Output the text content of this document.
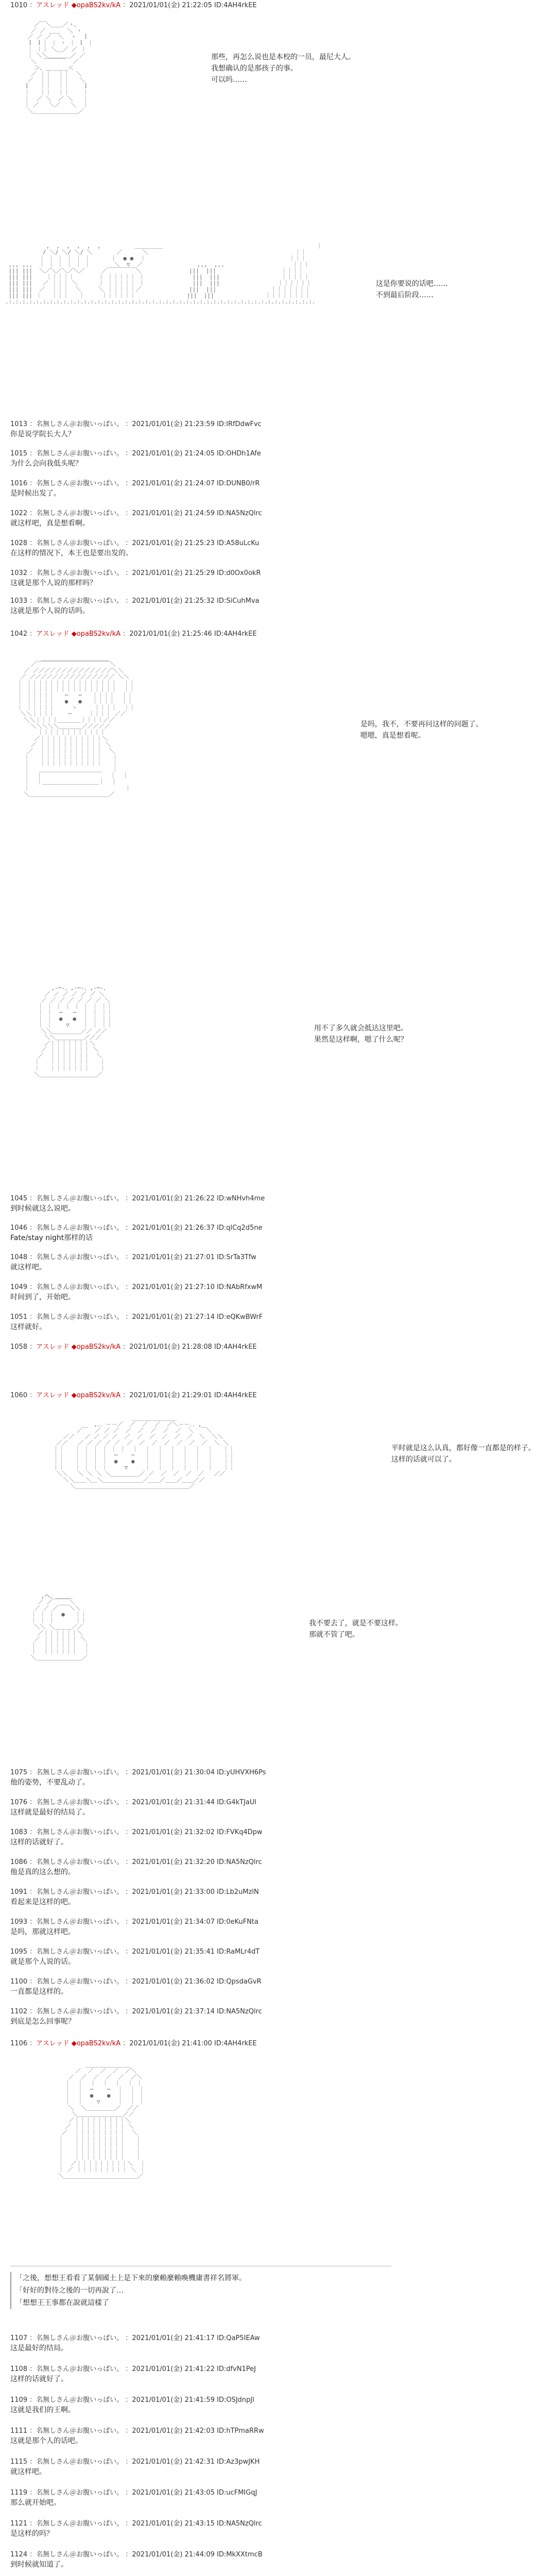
1010 ：アスレッド ◆opaBS2kv/kA ：2021/01/01(金) 21:22:05 ID:4AH4rkEE

／￣＼＿＿／ヽ、
／ ／ ＿＿  ＼ ヽ
／ ／ ／  ＼  ヽ  ｌ
ｌ ｌ｜ ｜ ・ ｜ ｌ ｜
｜ ｜｜ ＼＿／ ／ ｜
｜ ＼＼＿＿＿＿／ ／
＼  ￣￣￣￣  ／
＞、＿＿＿＿＜
／ ｜｜  ｜｜  ＼
／  ｜｜  ｜｜   ＼
ｌ   ｜｜  ｜｜    ｌ
｜   ｜｜  ｜｜    ｜
｜  ／ ＼  ／ ＼   ｜
｜ ／   ＼／   ＼  ｜
＼＿＿＿＿＿＿＿＿／

那些，再怎么说也是本校的一员，最尼大人。
我想确认的是那孩子的事。
可以吗……

,  ,  ,  ,  ,  ,          ＿＿＿＿＿                                             ｜
/ ＼/ ＼/ ＼/ ＼       ／      ＼                                           ｜｜
｜ ｜ ｜ ｜ ｜ ｜      ｜  ● ●  ｜                                          ｜｜｜
,,, ,,,  ｜ ｜ ｜ ｜ ｜ ｜       ＼  ▽  ／                ,,,  ,,,                    ｜｜｜
||| |||  ＼／＼／＼／＼／     ／￣￣￣￣￣＼              |||  |||                   ｜｜｜｜
||| |||    ｜｜｜｜｜       ｜ ｜｜｜｜｜ ｜              |||  |||                  ｜｜｜｜｜
||| |||   ／ ｜｜｜ ＼      ｜ ｜｜｜｜｜ ｜              |||  |||                 ｜｜｜｜｜｜
||| |||  ／  ｜｜｜  ＼     ＼ ｜｜｜｜｜／              |||  |||                ｜｜｜｜｜｜｜
||| ||| ｜   ｜｜｜   ｜     ｜｜｜｜｜｜               |||  |||               ｜｜｜｜｜｜｜｜
.:.:.:.:.:.:.:.:.:.:.:.:.:.:.:.:.:.:.:.:.:.:.:.:.:.:.:.:.:.:.:.:.:.:.:.:.:.:.:.:.:.:.:.:.:.

这是你要说的话吧……
不到最后阶段……
1013 ：名無しさん＠お腹いっぱい。 ：2021/01/01(金) 21:23:59 ID:lRfDdwFvc
你是说学院长大人？
1015 ：名無しさん＠お腹いっぱい。 ：2021/01/01(金) 21:24:05 ID:OHDh1Afe
为什么会向我低头呢？
1016 ：名無しさん＠お腹いっぱい。 ：2021/01/01(金) 21:24:07 ID:DUNB0/rR
是时候出发了。
1022 ：名無しさん＠お腹いっぱい。 ：2021/01/01(金) 21:24:59 ID:NA5NzQlrc
就这样吧，真是想看啊。
1028 ：名無しさん＠お腹いっぱい。 ：2021/01/01(金) 21:25:23 ID:A58uLcKu
在这样的情况下，本王也是要出发的。
1032 ：名無しさん＠お腹いっぱい。 ：2021/01/01(金) 21:25:29 ID:d0Ox0okR
这就是那个人说的那样吗？
1033 ：名無しさん＠お腹いっぱい。 ：2021/01/01(金) 21:25:32 ID:SiCuhMva
这就是那个人说的话吗。
1042 ：アスレッド ◆opaBS2kv/kA ：2021/01/01(金) 21:25:46 ID:4AH4rkEE

＿＿＿＿＿＿＿＿＿＿＿＿
／￣￣￣￣￣￣￣￣￣￣￣￣￣＼
／ ／／／／／／／／／／／／／／＼＼
／ ／／／／／／／／／／／／／／／ ＼＼
｜ ｜｜｜｜｜｜｜｜｜｜｜｜｜｜｜｜  ｜｜
｜ ｜｜｜｜｜｜｜｜｜｜｜｜｜｜｜｜  ｜｜
｜ ｜｜｜｜｜   ─   ─   ｜｜｜｜  ｜｜
｜ ｜｜｜｜｜   ●   ●   ｜｜｜｜  ｜｜
｜ ｜｜｜｜｜     ヽ     ｜｜｜｜  ｜｜
＼＼｜｜｜｜    ─     ｜｜｜｜ ／／
＼＼｜｜｜｜＿＿＿＿｜｜｜｜／／
＼＼＼＼＼＿＿＿＿／／／／／
｜｜｜｜｜｜｜｜｜｜｜｜
／｜｜｜｜｜｜｜｜｜｜｜＼
／ ｜｜｜｜｜｜｜｜｜｜｜ ＼
／  ｜｜｜｜｜｜｜｜｜｜｜  ＼
｜   ｜｜｜｜｜｜｜｜｜｜｜   ｜
｜   ｜｜｜｜｜｜｜｜｜｜｜   ｜
｜   ＿＿＿＿＿＿＿＿＿＿＿   ｜
｜  ｜                    ｜  ｜
｜  ｜＿＿＿＿＿＿＿＿＿＿｜  ｜
｜                            ｜
＼＿＿＿＿＿＿＿＿＿＿＿＿＿＿／

是吗，我不，不要再问这样的问题了。
嗯嗯，真是想看呢。

,-─-、,-─-、,-─-、
／ ／ ／ ／ ／ ／ ＼
／ ／ ／ ／ ／ ／ ／ ＼
｜ ｜ ｜ ｜ ｜ ｜ ｜ ｜｜
｜ ｜  ─   ─  ｜ ｜ ｜｜
｜ ｜  ●   ●  ｜ ｜ ｜｜
｜ ｜    ▽    ｜ ｜ ｜｜
＼＼＿＿＿＿＿／／ ／／
＼＼＿＿＿＿＿／／／
／｜｜｜｜｜｜｜＼
／ ｜｜｜｜｜｜｜ ＼
／  ｜｜｜｜｜｜｜  ＼
｜   ｜｜｜｜｜｜｜   ｜
｜   ｜｜｜｜｜｜｜   ｜
＼＿＿＿＿＿＿＿＿＿＿／

用不了多久就会抵达这里吧。
果然是这样啊，嗯了什么呢？
1045 ：名無しさん＠お腹いっぱい。 ：2021/01/01(金) 21:26:22 ID:wNHvh4me
到时候就这么说吧。
1046 ：名無しさん＠お腹いっぱい。 ：2021/01/01(金) 21:26:37 ID:qlCq2d5ne
Fate/stay night那样的话
1048 ：名無しさん＠お腹いっぱい。 ：2021/01/01(金) 21:27:01 ID:SrTa3Tfw
就这样吧。
1049 ：名無しさん＠お腹いっぱい。 ：2021/01/01(金) 21:27:10 ID:NAbRfxwM
时间到了，开始吧。
1051 ：名無しさん＠お腹いっぱい。 ：2021/01/01(金) 21:27:14 ID:eQKwBWrF
这样就好。
1058 ：アスレッド ◆opaBS2kv/kA ：2021/01/01(金) 21:28:08 ID:4AH4rkEE
1060 ：アスレッド ◆opaBS2kv/kA ：2021/01/01(金) 21:29:01 ID:4AH4rkEE

＿＿＿＿＿＿＿＿
,．．－－／  ／  ／  ／  ／＼－－．．,
／￣  ／ ／ ／  ／  ／  ／  ／  ／  ＼  ￣＼
／／   ／ ／ ／ ／  ／  ／  ／  ／  ／  ／  ＼  ＼＼
／／   ／ ／ ／ ／ ／  ／  ／  ／  ／  ／  ／  ／  ＼ ＼
｜｜   ｜ ｜ ｜ ｜ ｜ ｜  ｜  ｜  ｜  ｜  ｜  ｜  ｜   ｜｜
｜｜   ｜ ｜ ｜ ｜  ─    ─   ｜  ｜  ｜  ｜  ｜  ｜   ｜｜
｜｜   ｜ ｜ ｜ ｜  ●    ●   ｜  ｜  ｜  ｜  ｜  ｜   ｜｜
｜｜   ｜ ｜ ｜ ｜     ▽     ｜  ｜  ｜  ｜  ｜  ｜   ｜｜
＼＼   ＼ ＼ ＼ ＼＿＿＿＿＿／ ／  ／  ／  ／  ／   ／／
＼＼＿＿＼＿＼＿＿＿＿＿＿＿／＿＿／＿＿／＿＿／／
＼＿＿＿＿＿＿＿＿＿＿＿＿＿＿＿＿＿＿＿＿／

平时就是这么认真，都好像一直都是的样子。
这样的话就可以了。

,ヘ、＿＿＿
／ ／￣￣￣＼
／ ／ ／￣￣＼＼
｜ ｜ ｜  ●   ｜｜
｜ ｜ ｜      ｜｜
＼＼ ＼＿＿＿／／
／｜｜｜｜｜｜＼
／ ｜｜｜｜｜｜ ＼
｜  ｜｜｜｜｜｜  ｜
｜  ｜｜｜｜｜｜  ｜
＼＿＿＿＿＿＿＿＿／

我不要去了，就是不要这样。
那就不管了吧。
1075 ：名無しさん＠お腹いっぱい。 ：2021/01/01(金) 21:30:04 ID:yUHVXH6Ps
他的姿势，不要乱动了。
1076 ：名無しさん＠お腹いっぱい。 ：2021/01/01(金) 21:31:44 ID:G4kTJaUl
这样就是最好的结局了。
1083 ：名無しさん＠お腹いっぱい。 ：2021/01/01(金) 21:32:02 ID:FVKq4Dpw
这样的话就好了。
1086 ：名無しさん＠お腹いっぱい。 ：2021/01/01(金) 21:32:20 ID:NA5NzQlrc
他是真的这么想的。
1091 ：名無しさん＠お腹いっぱい。 ：2021/01/01(金) 21:33:00 ID:Lb2uMzlN
看起来是这样的吧。
1093 ：名無しさん＠お腹いっぱい。 ：2021/01/01(金) 21:34:07 ID:0eKuFNta
是吗，那就这样吧。
1095 ：名無しさん＠お腹いっぱい。 ：2021/01/01(金) 21:35:41 ID:RaMLr4dT
就是那个人说的话。
1100 ：名無しさん＠お腹いっぱい。 ：2021/01/01(金) 21:36:02 ID:QpsdaGvR
一直都是这样的。
1102 ：名無しさん＠お腹いっぱい。 ：2021/01/01(金) 21:37:14 ID:NA5NzQlrc
到底是怎么回事呢？
1106 ：アスレッド ◆opaBS2kv/kA ：2021/01/01(金) 21:41:00 ID:4AH4rkEE

＿＿＿＿＿＿＿＿
／  ／  ／  ／  ／＼
／  ／  ／  ／  ／  ／＼
｜  ｜  ｜  ｜  ｜  ｜ ｜
｜  ｜  ─    ─  ｜  ｜ ｜
｜  ｜  ●    ●  ｜  ｜ ｜
｜  ｜    ▽     ｜  ｜ ｜
＼  ＼＿＿＿＿＿／  ／／
＼＿＿＿＿＿＿＿＿／／
／｜｜｜｜｜｜｜｜｜＼
／ ｜｜｜｜｜｜｜｜｜ ＼
／  ｜｜｜｜｜｜｜｜｜  ＼
｜   ｜｜｜｜｜｜｜｜｜   ｜
｜   ｜｜｜｜｜｜｜｜｜   ｜
｜   ｜｜｜｜｜｜｜｜｜   ｜
｜   ｜｜｜｜｜｜｜｜｜   ｜
｜  ／｜｜｜｜｜｜｜｜｜＼  ｜
｜ ／ ｜｜｜｜｜｜｜｜｜ ＼ ｜
＼＿＿＿＿＿＿＿＿＿＿＿＿＿／

「之後，想想王看看了某個國土上是下來的麼賴麼賴喚機庸書祥名將軍。
「好好的對待之後的一切再說了…
「想想王王事都在說就這樣了
1107 ：名無しさん＠お腹いっぱい。 ：2021/01/01(金) 21:41:17 ID:QaP5IEAw
这是最好的结局。
1108 ：名無しさん＠お腹いっぱい。 ：2021/01/01(金) 21:41:22 ID:dfvN1PeJ
这样的话就好了。
1109 ：名無しさん＠お腹いっぱい。 ：2021/01/01(金) 21:41:59 ID:OSJdnpJl
这就是我们的王啊。
1111 ：名無しさん＠お腹いっぱい。 ：2021/01/01(金) 21:42:03 ID:hTPmaRRw
这就是那个人的话吧。
1115 ：名無しさん＠お腹いっぱい。 ：2021/01/01(金) 21:42:31 ID:Az3pwJKH
就这样吧。
1119 ：名無しさん＠お腹いっぱい。 ：2021/01/01(金) 21:43:05 ID:ucFMIGqJ
那么就开始吧。
1121 ：名無しさん＠お腹いっぱい。 ：2021/01/01(金) 21:43:15 ID:NA5NzQlrc
是这样的吗？
1124 ：名無しさん＠お腹いっぱい。 ：2021/01/01(金) 21:44:09 ID:MkXXtmcB
到时候就知道了。
